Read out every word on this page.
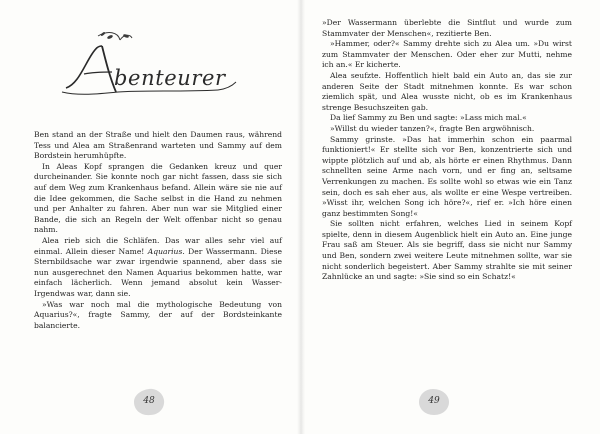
benteurer

Ben stand an der Straße und hielt den Daumen raus, während Tess und Alea am Straßenrand warteten und Sammy auf dem Bordstein herumhüpfte.

In Aleas Kopf sprangen die Gedanken kreuz und quer durcheinander. Sie konnte noch gar nicht fassen, dass sie sich auf dem Weg zum Krankenhaus befand. Allein wäre sie nie auf die Idee gekommen, die Sache selbst in die Hand zu nehmen und per Anhalter zu fahren. Aber nun war sie Mitglied einer Bande, die sich an Regeln der Welt offenbar nicht so genau nahm.

Alea rieb sich die Schläfen. Das war alles sehr viel auf einmal. Allein dieser Name! Aquarius. Der Wassermann. Diese Sternbildsache war zwar irgendwie spannend, aber dass sie nun ausgerechnet den Namen Aquarius bekommen hatte, war einfach lächerlich. Wenn jemand absolut kein Wasser-Irgendwas war, dann sie.

»Was war noch mal die mythologische Bedeutung von Aquarius?«, fragte Sammy, der auf der Bordsteinkante balancierte.

48

»Der Wassermann überlebte die Sintflut und wurde zum Stammvater der Menschen«, rezitierte Ben.

»Hammer, oder?« Sammy drehte sich zu Alea um. »Du wirst zum Stammvater der Menschen. Oder eher zur Mutti, nehme ich an.« Er kicherte.

Alea seufzte. Hoffentlich hielt bald ein Auto an, das sie zur anderen Seite der Stadt mitnehmen konnte. Es war schon ziemlich spät, und Alea wusste nicht, ob es im Krankenhaus strenge Besuchszeiten gab.

Da lief Sammy zu Ben und sagte: »Lass mich mal.«

»Willst du wieder tanzen?«, fragte Ben argwöhnisch.

Sammy grinste. »Das hat immerhin schon ein paarmal funktioniert!« Er stellte sich vor Ben, konzentrierte sich und wippte plötzlich auf und ab, als hörte er einen Rhythmus. Dann schnellten seine Arme nach vorn, und er fing an, seltsame Verrenkungen zu machen. Es sollte wohl so etwas wie ein Tanz sein, doch es sah eher aus, als wollte er eine Wespe vertreiben. »Wisst ihr, welchen Song ich höre?«, rief er. »Ich höre einen ganz bestimmten Song!«

Sie sollten nicht erfahren, welches Lied in seinem Kopf spielte, denn in diesem Augenblick hielt ein Auto an. Eine junge Frau saß am Steuer. Als sie begriff, dass sie nicht nur Sammy und Ben, sondern zwei weitere Leute mitnehmen sollte, war sie nicht sonderlich begeistert. Aber Sammy strahlte sie mit seiner Zahnlücke an und sagte: »Sie sind so ein Schatz!«

49
